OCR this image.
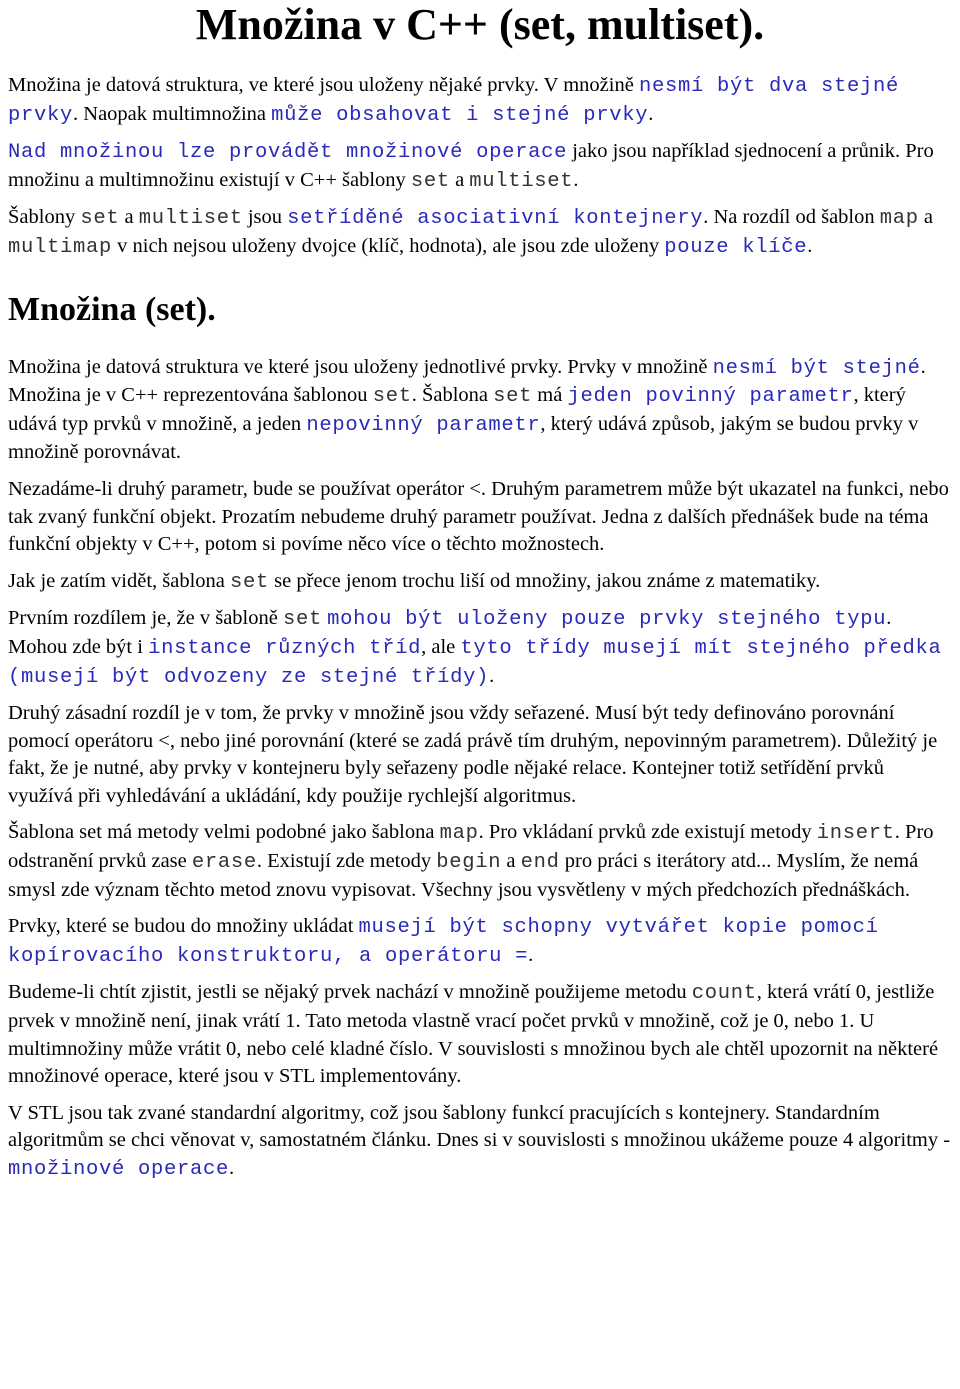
Množina v C++ (set, multiset).

Množina je datová struktura, ve které jsou uloženy nějaké prvky. V množině nesmí být dva stejné prvky. Naopak multimnožina může obsahovat i stejné prvky.

Nad množinou lze provádět množinové operace jako jsou například sjednocení a průnik. Pro množinu a multimnožinu existují v C++ šablony set a multiset.

Šablony set a multiset jsou setříděné asociativní kontejnery. Na rozdíl od šablon map a multimap v nich nejsou uloženy dvojce (klíč, hodnota), ale jsou zde uloženy pouze klíče.

Množina (set).

Množina je datová struktura ve které jsou uloženy jednotlivé prvky. Prvky v množině nesmí být stejné. Množina je v C++ reprezentována šablonou set. Šablona set má jeden povinný parametr, který udává typ prvků v množině, a jeden nepovinný parametr, který udává způsob, jakým se budou prvky v množině porovnávat.

Nezadáme-li druhý parametr, bude se používat operátor <. Druhým parametrem může být ukazatel na funkci, nebo tak zvaný funkční objekt. Prozatím nebudeme druhý parametr používat. Jedna z dalších přednášek bude na téma funkční objekty v C++, potom si povíme něco více o těchto možnostech.

Jak je zatím vidět, šablona set se přece jenom trochu liší od množiny, jakou známe z matematiky.

Prvním rozdílem je, že v šabloně set mohou být uloženy pouze prvky stejného typu. Mohou zde být i instance různých tříd, ale tyto třídy musejí mít stejného předka (musejí být odvozeny ze stejné třídy).

Druhý zásadní rozdíl je v tom, že prvky v množině jsou vždy seřazené. Musí být tedy definováno porovnání pomocí operátoru <, nebo jiné porovnání (které se zadá právě tím druhým, nepovinným parametrem). Důležitý je fakt, že je nutné, aby prvky v kontejneru byly seřazeny podle nějaké relace. Kontejner totiž setřídění prvků využívá při vyhledávání a ukládání, kdy použije rychlejší algoritmus.

Šablona set má metody velmi podobné jako šablona map. Pro vkládaní prvků zde existují metody insert. Pro odstranění prvků zase erase. Existují zde metody begin a end pro práci s iterátory atd... Myslím, že nemá smysl zde význam těchto metod znovu vypisovat. Všechny jsou vysvětleny v mých předchozích přednáškách.

Prvky, které se budou do množiny ukládat musejí být schopny vytvářet kopie pomocí kopírovacího konstruktoru, a operátoru =.

Budeme-li chtít zjistit, jestli se nějaký prvek nachází v množině použijeme metodu count, která vrátí 0, jestliže prvek v množině není, jinak vrátí 1. Tato metoda vlastně vrací počet prvků v množině, což je 0, nebo 1. U multimnožiny může vrátit 0, nebo celé kladné číslo. V souvislosti s množinou bych ale chtěl upozornit na některé množinové operace, které jsou v STL implementovány.

V STL jsou tak zvané standardní algoritmy, což jsou šablony funkcí pracujících s kontejnery. Standardním algoritmům se chci věnovat v, samostatném článku. Dnes si v souvislosti s množinou ukážeme pouze 4 algoritmy - množinové operace.
